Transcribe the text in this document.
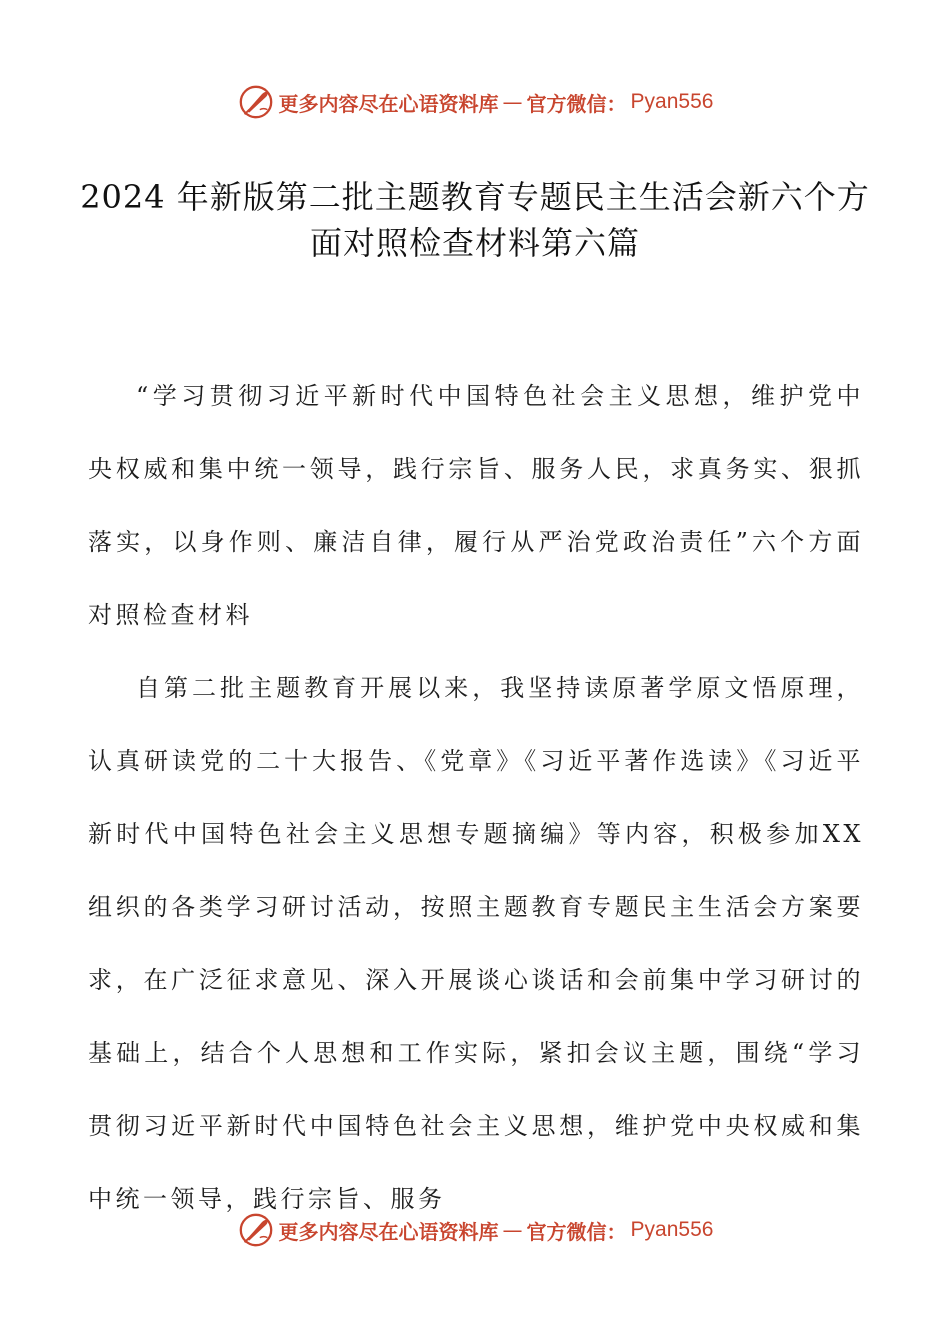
更多内容尽在心语资料库 — 官方微信： Pyan556
2024 年新版第二批主题教育专题民主生活会新六个方面对照检查材料第六篇

“学习贯彻习近平新时代中国特色社会主义思想，维护党中央权威和集中统一领导，践行宗旨、服务人民，求真务实、狠抓落实，以身作则、廉洁自律，履行从严治党政治责任”六个方面对照检查材料

自第二批主题教育开展以来，我坚持读原著学原文悟原理，认真研读党的二十大报告、《党章》《习近平著作选读》《习近平新时代中国特色社会主义思想专题摘编》等内容，积极参加XX组织的各类学习研讨活动，按照主题教育专题民主生活会方案要求，在广泛征求意见、深入开展谈心谈话和会前集中学习研讨的基础上，结合个人思想和工作实际，紧扣会议主题，围绕“学习贯彻习近平新时代中国特色社会主义思想，维护党中央权威和集中统一领导，践行宗旨、服务

更多内容尽在心语资料库 — 官方微信： Pyan556
